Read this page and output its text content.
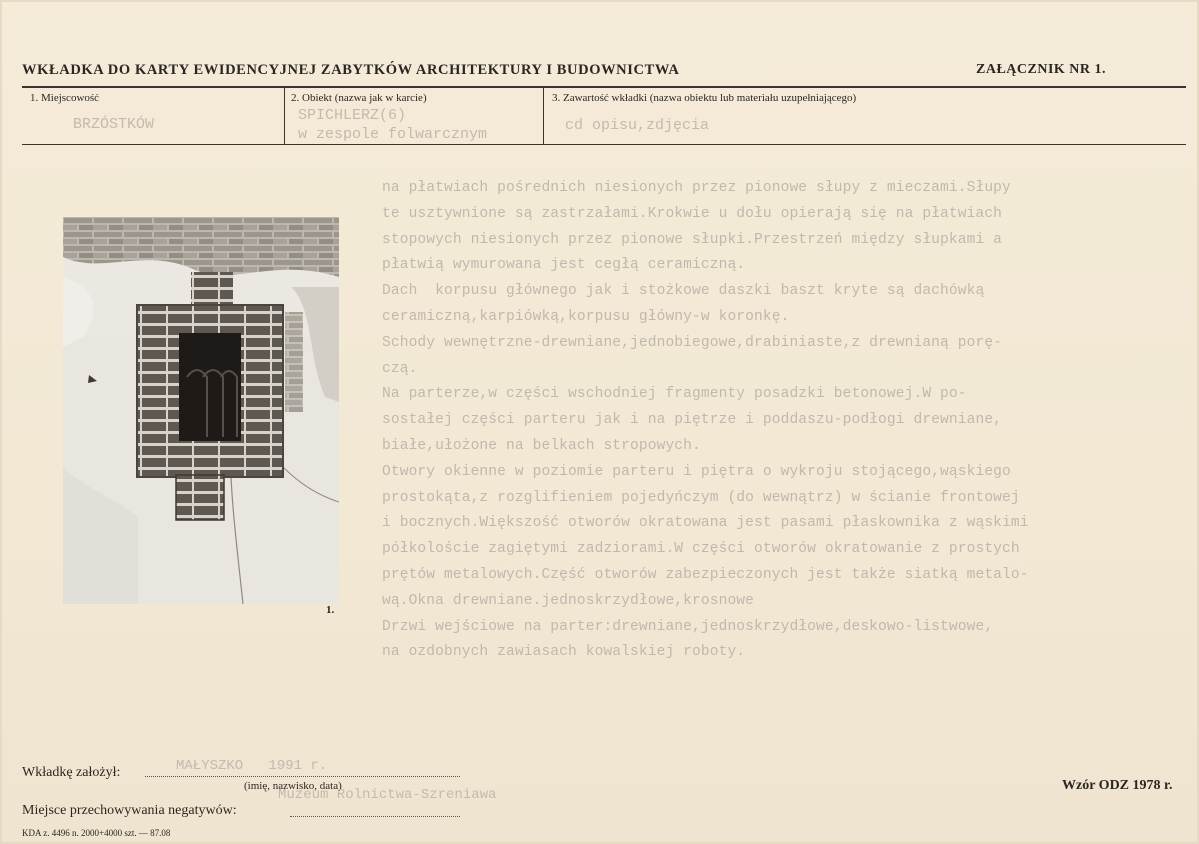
WKŁADKA DO KARTY EWIDENCYJNEJ ZABYTKÓW ARCHITEKTURY I BUDOWNICTWA	ZAŁĄCZNIK NR 1.
1. Miejscowość
BRZÓSTKÓW
2. Obiekt (nazwa jak w karcie)
SPICHLERZ(6)
w zespole folwarcznym
3. Zawartość wkładki (nazwa obiektu lub materiału uzupełniającego)
cd opisu,zdjęcia
1.
na płatwiach pośrednich niesionych przez pionowe słupy z mieczami.Słupy
te usztywnione są zastrzałami.Krokwie u dołu opierają się na płatwiach
stopowych niesionych przez pionowe słupki.Przestrzeń między słupkami a
płatwią wymurowana jest cegłą ceramiczną.
Dach  korpusu głównego jak i stożkowe daszki baszt kryte są dachówką
ceramiczną,karpiówką,korpusu główny-w koronkę.
Schody wewnętrzne-drewniane,jednobiegowe,drabiniaste,z drewnianą porę-
czą.
Na parterze,w części wschodniej fragmenty posadzki betonowej.W po-
sostałej części parteru jak i na piętrze i poddaszu-podłogi drewniane,
białe,ułożone na belkach stropowych.
Otwory okienne w poziomie parteru i piętra o wykroju stojącego,wąskiego
prostokąta,z rozglifieniem pojedyńczym (do wewnątrz) w ścianie frontowej
i bocznych.Większość otworów okratowana jest pasami płaskownika z wąskimi
półkoloście zagiętymi zadziorami.W części otworów okratowanie z prostych
prętów metalowych.Część otworów zabezpieczonych jest także siatką metalo-
wą.Okna drewniane.jednoskrzydłowe,krosnowe
Drzwi wejściowe na parter:drewniane,jednoskrzydłowe,deskowo-listwowe,
na ozdobnych zawiasach kowalskiej roboty.
Wkładkę założył:	MAŁYSZKO   1991 r.
(imię, nazwisko, data)
Miejsce przechowywania negatywów:
Muzeum Rolnictwa-Szreniawa
Wzór ODZ 1978 r.
KDA z. 4496 n. 2000+4000 szt. — 87.08
